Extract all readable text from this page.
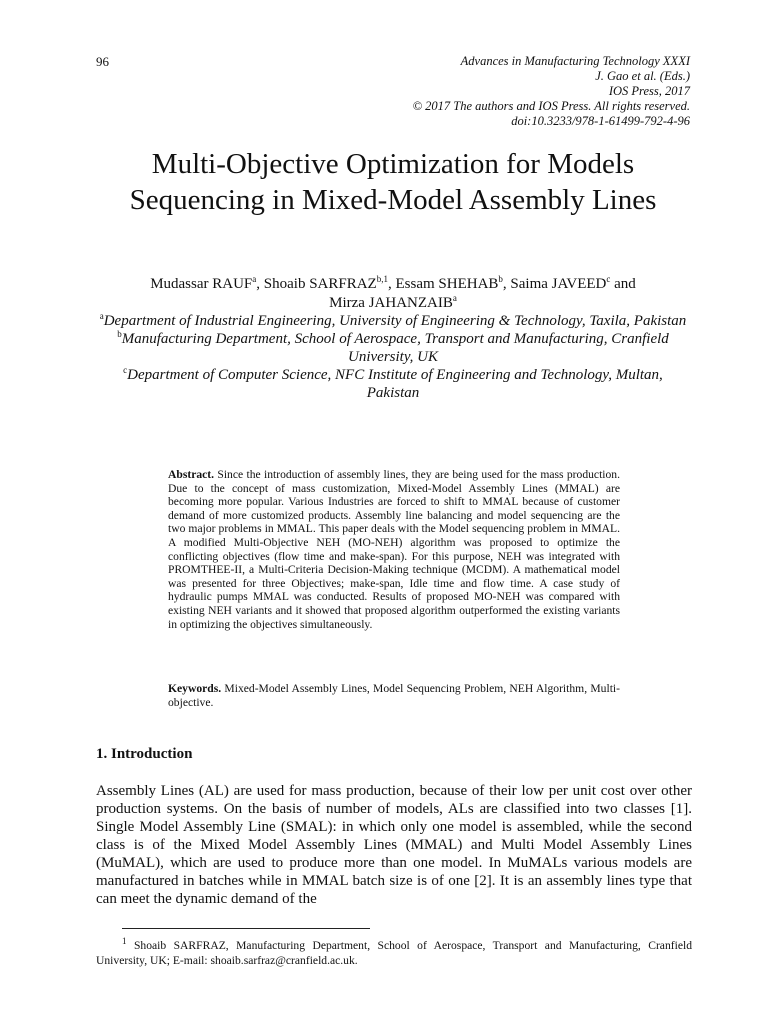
96	Advances in Manufacturing Technology XXXI
J. Gao et al. (Eds.)
IOS Press, 2017
© 2017 The authors and IOS Press. All rights reserved.
doi:10.3233/978-1-61499-792-4-96
Multi-Objective Optimization for Models Sequencing in Mixed-Model Assembly Lines
Mudassar RAUF$^a$, Shoaib SARFRAZ$^{b,1}$, Essam SHEHAB$^b$, Saima JAVEED$^c$ and
Mirza JAHANZAIB$^a$
$^a$Department of Industrial Engineering, University of Engineering & Technology, Taxila, Pakistan
$^b$Manufacturing Department, School of Aerospace, Transport and Manufacturing, Cranfield University, UK
$^c$Department of Computer Science, NFC Institute of Engineering and Technology, Multan, Pakistan
Abstract. Since the introduction of assembly lines, they are being used for the mass production. Due to the concept of mass customization, Mixed-Model Assembly Lines (MMAL) are becoming more popular. Various Industries are forced to shift to MMAL because of customer demand of more customized products. Assembly line balancing and model sequencing are the two major problems in MMAL. This paper deals with the Model sequencing problem in MMAL. A modified Multi-Objective NEH (MO-NEH) algorithm was proposed to optimize the conflicting objectives (flow time and make-span). For this purpose, NEH was integrated with PROMTHEE-II, a Multi-Criteria Decision-Making technique (MCDM). A mathematical model was presented for three Objectives; make-span, Idle time and flow time. A case study of hydraulic pumps MMAL was conducted. Results of proposed MO-NEH was compared with existing NEH variants and it showed that proposed algorithm outperformed the existing variants in optimizing the objectives simultaneously.
Keywords. Mixed-Model Assembly Lines, Model Sequencing Problem, NEH Algorithm, Multi-objective.
1. Introduction

Assembly Lines (AL) are used for mass production, because of their low per unit cost over other production systems. On the basis of number of models, ALs are classified into two classes [1]. Single Model Assembly Line (SMAL): in which only one model is assembled, while the second class is of the Mixed Model Assembly Lines (MMAL) and Multi Model Assembly Lines (MuMAL), which are used to produce more than one model. In MuMALs various models are manufactured in batches while in MMAL batch size is of one [2]. It is an assembly lines type that can meet the dynamic demand of the

$^1$ Shoaib SARFRAZ, Manufacturing Department, School of Aerospace, Transport and Manufacturing, Cranfield University, UK; E-mail: shoaib.sarfraz@cranfield.ac.uk.
